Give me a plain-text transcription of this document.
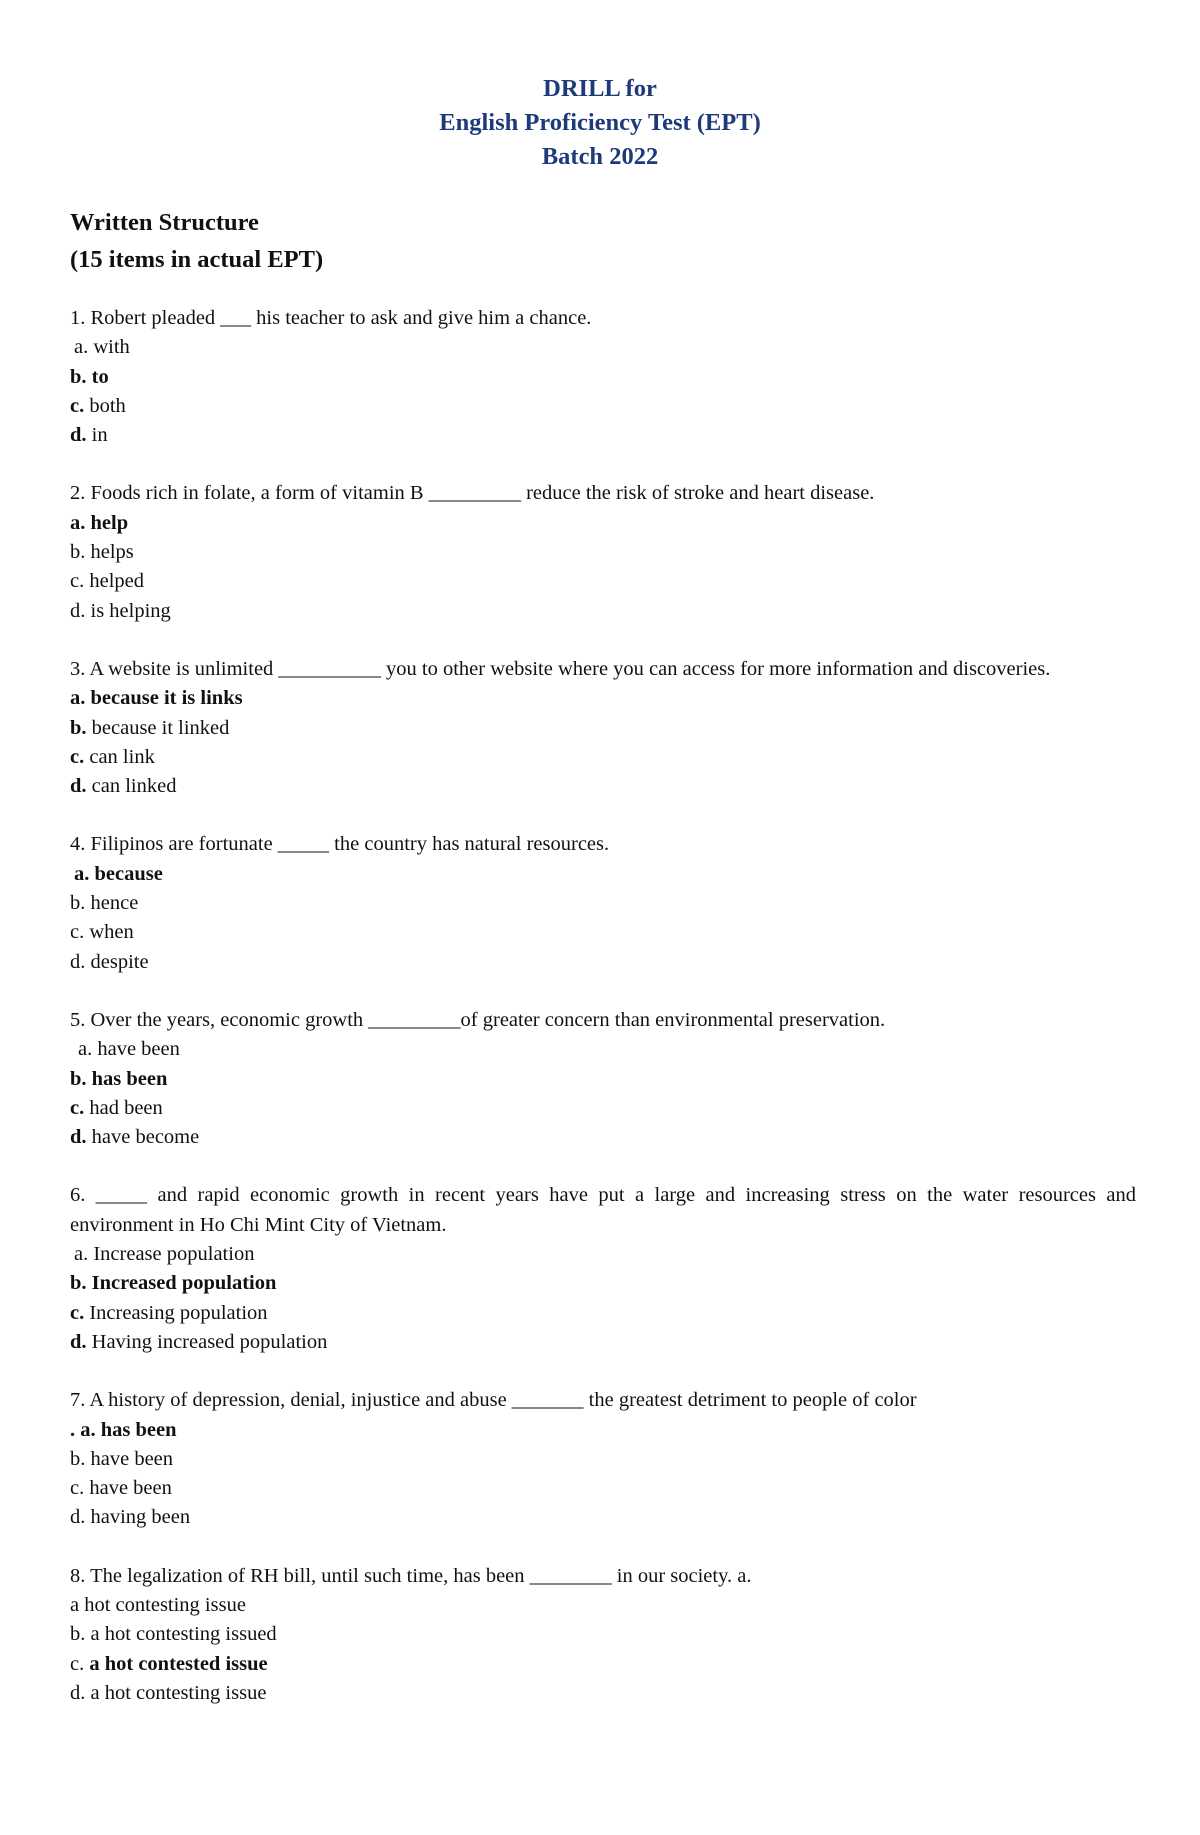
DRILL for
English Proficiency Test (EPT)
Batch 2022
Written Structure
(15 items in actual EPT)
1. Robert pleaded ___ his teacher to ask and give him a chance.
a. with
b. to
c. both
d. in
2. Foods rich in folate, a form of vitamin B _________ reduce the risk of stroke and heart disease.
a. help
b. helps
c. helped
d. is helping
3. A website is unlimited __________ you to other website where you can access for more information and discoveries.
a. because it is links
b. because it linked
c. can link
d. can linked
4. Filipinos are fortunate _____ the country has natural resources.
a. because
b. hence
c. when
d. despite
5. Over the years, economic growth _________of greater concern than environmental preservation.
a. have been
b. has been
c. had been
d. have become
6. _____ and rapid economic growth in recent years have put a large and increasing stress on the water resources and environment in Ho Chi Mint City of Vietnam.
a. Increase population
b. Increased population
c. Increasing population
d. Having increased population
7. A history of depression, denial, injustice and abuse _______ the greatest detriment to people of color
. a. has been
b. have been
c. have been
d. having been
8. The legalization of RH bill, until such time, has been ________ in our society. a.
a hot contesting issue
b. a hot contesting issued
c. a hot contested issue
d. a hot contesting issue
